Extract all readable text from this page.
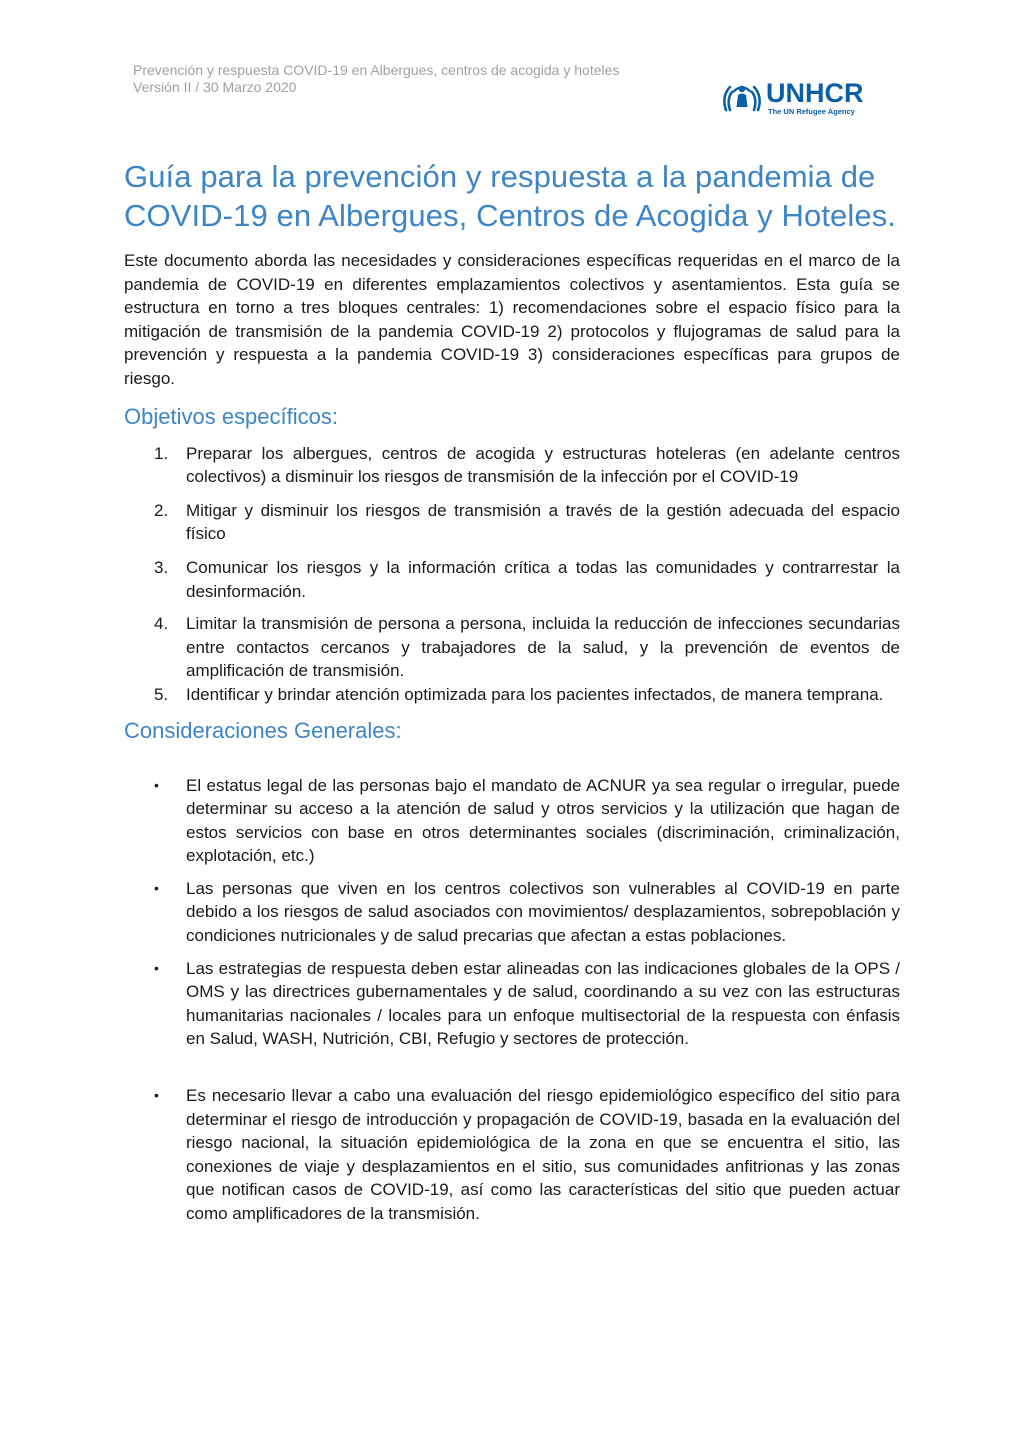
Prevención y respuesta COVID-19 en Albergues, centros de acogida y hoteles
Versión II / 30 Marzo 2020	UNHCR
The UN Refugee Agency
Guía para la prevención y respuesta a la pandemia de COVID-19 en Albergues, Centros de Acogida y Hoteles.

Este documento aborda las necesidades y consideraciones específicas requeridas en el marco de la pandemia de COVID-19 en diferentes emplazamientos colectivos y asentamientos. Esta guía se estructura en torno a tres bloques centrales: 1) recomendaciones sobre el espacio físico para la mitigación de transmisión de la pandemia COVID-19 2) protocolos y flujogramas de salud para la prevención y respuesta a la pandemia COVID-19 3) consideraciones específicas para grupos de riesgo.

Objetivos específicos:
1. Preparar los albergues, centros de acogida y estructuras hoteleras (en adelante centros colectivos) a disminuir los riesgos de transmisión de la infección por el COVID-19
2. Mitigar y disminuir los riesgos de transmisión a través de la gestión adecuada del espacio físico
3. Comunicar los riesgos y la información crítica a todas las comunidades y contrarrestar la desinformación.
4. Limitar la transmisión de persona a persona, incluida la reducción de infecciones secundarias entre contactos cercanos y trabajadores de la salud, y la prevención de eventos de amplificación de transmisión.
5. Identificar y brindar atención optimizada para los pacientes infectados, de manera temprana.
Consideraciones Generales:
• El estatus legal de las personas bajo el mandato de ACNUR ya sea regular o irregular, puede determinar su acceso a la atención de salud y otros servicios y la utilización que hagan de estos servicios con base en otros determinantes sociales (discriminación, criminalización, explotación, etc.)
• Las personas que viven en los centros colectivos son vulnerables al COVID-19 en parte debido a los riesgos de salud asociados con movimientos/ desplazamientos, sobrepoblación y condiciones nutricionales y de salud precarias que afectan a estas poblaciones.
• Las estrategias de respuesta deben estar alineadas con las indicaciones globales de la OPS / OMS y las directrices gubernamentales y de salud, coordinando a su vez con las estructuras humanitarias nacionales / locales para un enfoque multisectorial de la respuesta con énfasis en Salud, WASH, Nutrición, CBI, Refugio y sectores de protección.
• Es necesario llevar a cabo una evaluación del riesgo epidemiológico específico del sitio para determinar el riesgo de introducción y propagación de COVID-19, basada en la evaluación del riesgo nacional, la situación epidemiológica de la zona en que se encuentra el sitio, las conexiones de viaje y desplazamientos en el sitio, sus comunidades anfitrionas y las zonas que notifican casos de COVID-19, así como las características del sitio que pueden actuar como amplificadores de la transmisión.
